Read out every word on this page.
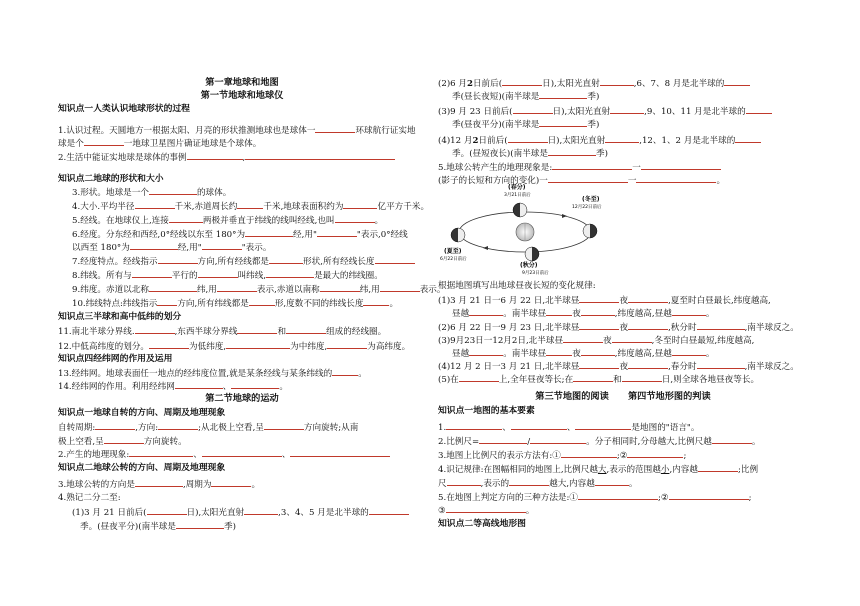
第一章地球和地图
第一节地球和地球仪
知识点一人类认识地球形状的过程
1.认识过程。天圆地方一根据太阳、月亮的形状推测地球也是球体一	环球航行证实地
球是个	一地球卫星图片确证地球是个球体。
2.生活中能证实地球是球体的事例	,
知识点二地球的形状和大小
3.形状。地球是一个	的球体。
4.大小.平均半径	千米,赤道周长约	千米,地球表面积约为	亿平方千米。
5.经线。在地球仪上,连接	两极并垂直于纬线的线叫经线,也叫	。
6.经度。分东经和西经,0°经线以东至 180°为	经,用"	"表示,0°经线
以西至 180°为	经,用"	"表示。
7.经度特点。经线指示	方向,所有经线都是	形状,所有经线长度
8.纬线。所有与	平行的	叫纬线,	是最大的纬线圈。
9.纬度。赤道以北称	纬,用	表示,赤道以南称	纬,用	表示。
10.纬线特点:纬线指示 方向,所有纬线都是	形,度数不同的纬线长度	。
知识点三半球和高中低纬的划分
11.南北半球分界线.	,东西半球分界线	和	组成的经线圈。
12.中低高纬度的划分。	为低纬度,	为中纬度,	为高纬度。
知识点四经纬网的作用及运用
13.经纬网。地球表面任一地点的经纬度位置,就是某条经线与某条纬线的	。
14.经纬网的作用。利用经纬网	、	。
第二节地球的运动
知识点一地球自转的方向、周期及地理现象
自转周期:	,方向:	;从北极上空看,呈	方向旋转;从南
极上空看,呈	方向旋转。
2.产生的地理现象:	、	、
知识点二地球公转的方向、周期及地理现象
3.地球公转的方向是	,周期为	。
4.熟记二分二至:
(1)3 月 21 日前后(	日),太阳光直射	,3、4、5 月是北半球的
季。(昼夜平分)(南半球是	季)
(2)6 月2日前后(	日),太阳光直射	,6、7、8 月是北半球的
季(昼长夜短)(南半球是	季)
(3)9 月 23 日前后(	日),太阳光直射	,9、10、11 月是北半球的
季(昼夜平分)(南半球是	季)
(4)12 月2日前后(	日),太阳光直射	,12、1、2 月是北半球的
季。(昼短夜长)(南半球是	季)
5.地球公转产生的地理现象是:	一
(影子的长短和方向的变化)一	一	。
根据地图填写出地球昼夜长短的变化规律:
(1)3 月 21 日一6 月 22 日,北半球昼	夜	,夏至时白昼最长,纬度越高,
昼越	。南半球昼	夜	,纬度越高,昼越	。
(2)6 月 22 日一9 月 23 日,北半球昼	夜	,秋分时	,南半球反之。
(3)9月23日一12月2日,北半球昼	夜	,冬至时白昼最短,纬度越高,
昼越	。南半球昼	夜	,纬度越高,昼越	。
(4)12 月 2 日一3 月 21 日,北半球昼	夜	,春分时	,南半球反之。
(5)在	上,全年昼夜等长;在	和	日,则全球各地昼夜等长。
第三节地图的阅读      第四节地形图的判读
知识点一地图的基本要素
1.	、	、	是地图的"语言"。
2.比例尺=	/	。分子相同时,分母越大,比例尺越	。
3.地图上比例尺的表示方法有:①	;②	;
4.识记规律:在图幅相同的地图上,比例尺越大,表示的范围越小,内容越	;比例
尺	,表示的	越大,内容越	。
5.在地图上判定方向的三种方法是:①	;②	;
③	。
知识点二等高线地形图
(春分)
3月21日前后
(冬至)
12月22日前后
(夏至)
6月22日前后
(秋分)
9月23日前后
